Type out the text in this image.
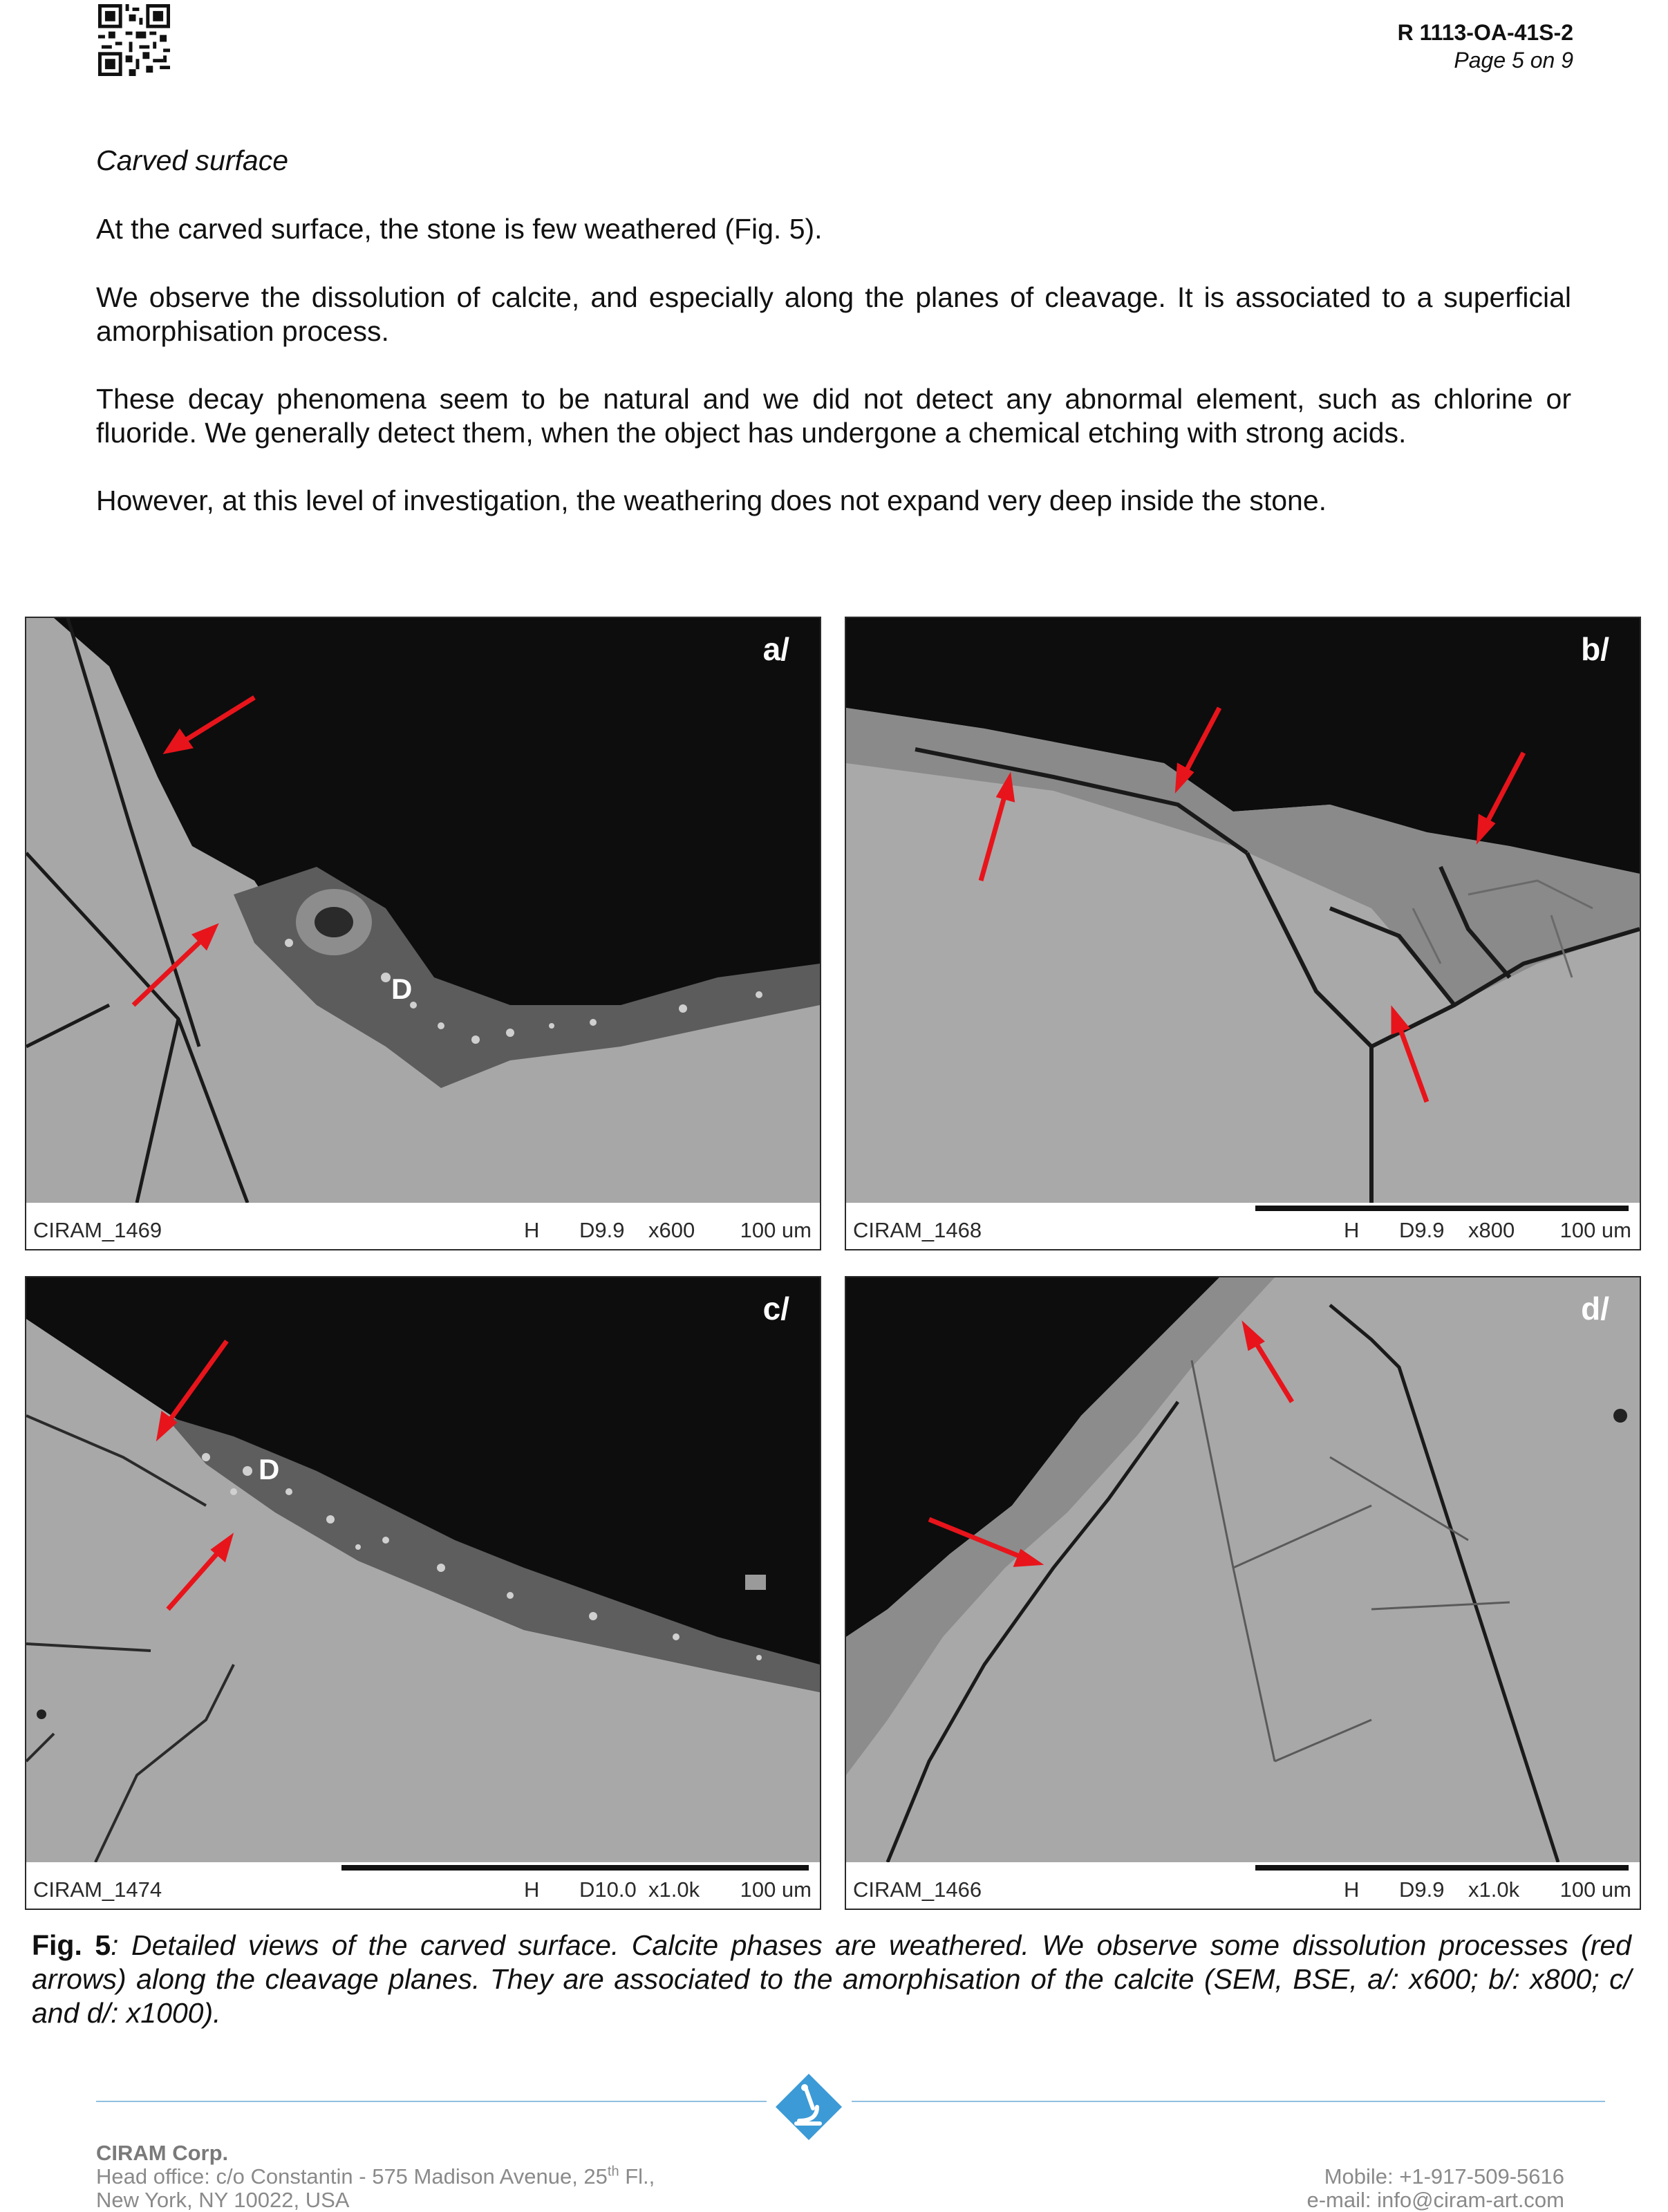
R 1113-OA-41S-2
Page 5 on 9

Carved surface

At the carved surface, the stone is few weathered (Fig. 5).

We observe the dissolution of calcite, and especially along the planes of cleavage. It is associated to a superficial amorphisation process.

These decay phenomena seem to be natural and we did not detect any abnormal element, such as chlorine or fluoride. We generally detect them, when the object has undergone a chemical etching with strong acids.

However, at this level of investigation, the weathering does not expand very deep inside the stone.

a/
D
CIRAM_1469	H D9.9 x600 100 um
b/
CIRAM_1468	H D9.9 x800 100 um
c/
D
CIRAM_1474	H D10.0 x1.0k 100 um
d/
CIRAM_1466	H D9.9 x1.0k 100 um

Fig. 5: Detailed views of the carved surface. Calcite phases are weathered. We observe some dissolution processes (red arrows) along the cleavage planes. They are associated to the amorphisation of the calcite (SEM, BSE, a/: x600; b/: x800; c/ and d/: x1000).

CIRAM Corp.
Head office: c/o Constantin - 575 Madison Avenue, 25th Fl.,
New York, NY 10022, USA
Mobile: +1-917-509-5616
e-mail: info@ciram-art.com
